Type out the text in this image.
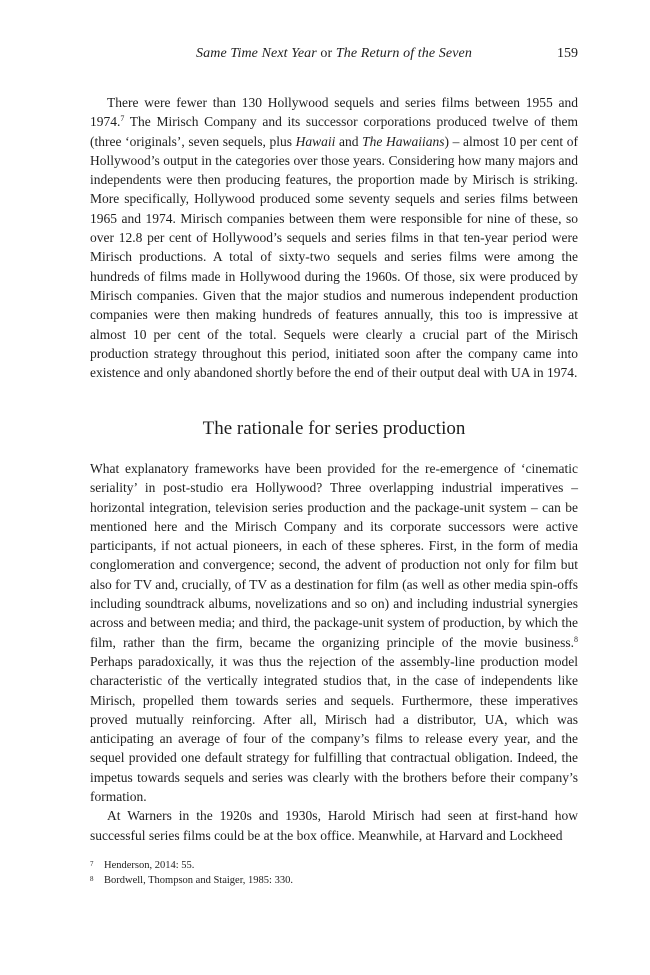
Same Time Next Year or The Return of the Seven	159

There were fewer than 130 Hollywood sequels and series films between 1955 and 1974.$^7$ The Mirisch Company and its successor corporations produced twelve of them (three ‘originals’, seven sequels, plus Hawaii and The Hawaiians) – almost 10 per cent of Hollywood’s output in the categories over those years. Considering how many majors and independents were then producing features, the proportion made by Mirisch is striking. More specifically, Hollywood produced some seventy sequels and series films between 1965 and 1974. Mirisch companies between them were responsible for nine of these, so over 12.8 per cent of Hollywood’s sequels and series films in that ten-year period were Mirisch productions. A total of sixty-two sequels and series films were among the hundreds of films made in Hollywood during the 1960s. Of those, six were produced by Mirisch companies. Given that the major studios and numerous independent production companies were then making hundreds of features annually, this too is impressive at almost 10 per cent of the total. Sequels were clearly a crucial part of the Mirisch production strategy throughout this period, initiated soon after the company came into existence and only abandoned shortly before the end of their output deal with UA in 1974.

The rationale for series production

What explanatory frameworks have been provided for the re-emergence of ‘cinematic seriality’ in post-studio era Hollywood? Three overlapping industrial imperatives – horizontal integration, television series production and the package-unit system – can be mentioned here and the Mirisch Company and its corporate successors were active participants, if not actual pioneers, in each of these spheres. First, in the form of media conglomeration and convergence; second, the advent of production not only for film but also for TV and, crucially, of TV as a destination for film (as well as other media spin-offs including soundtrack albums, novelizations and so on) and including industrial synergies across and between media; and third, the package-unit system of production, by which the film, rather than the firm, became the organizing principle of the movie business.$^8$ Perhaps paradoxically, it was thus the rejection of the assembly-line production model characteristic of the vertically integrated studios that, in the case of independents like Mirisch, propelled them towards series and sequels. Furthermore, these imperatives proved mutually reinforcing. After all, Mirisch had a distributor, UA, which was anticipating an average of four of the company’s films to release every year, and the sequel provided one default strategy for fulfilling that contractual obligation. Indeed, the impetus towards sequels and series was clearly with the brothers before their company’s formation.

At Warners in the 1920s and 1930s, Harold Mirisch had seen at first-hand how successful series films could be at the box office. Meanwhile, at Harvard and Lockheed

7 Henderson, 2014: 55.
8 Bordwell, Thompson and Staiger, 1985: 330.
